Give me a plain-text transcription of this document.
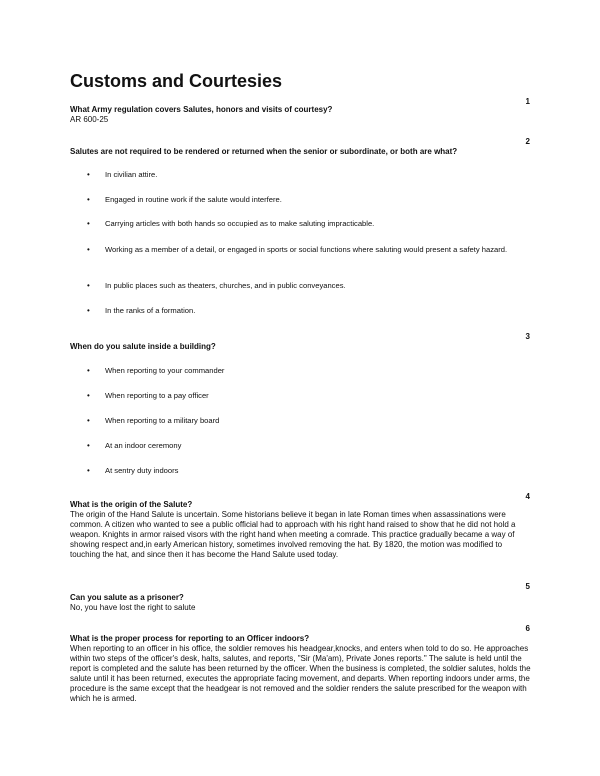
Customs and Courtesies
1
What Army regulation covers Salutes, honors and visits of courtesy?
AR 600-25
2
Salutes are not required to be rendered or returned when the senior or subordinate, or both are what?
• In civilian attire.
• Engaged in routine work if the salute would interfere.
• Carrying articles with both hands so occupied as to make saluting impracticable.
• Working as a member of a detail, or engaged in sports or social functions where saluting would present a safety hazard.
• In public places such as theaters, churches, and in public conveyances.
• In the ranks of a formation.
3
When do you salute inside a building?
• When reporting to your commander
• When reporting to a pay officer
• When reporting to a military board
• At an indoor ceremony
• At sentry duty indoors
4
What is the origin of the Salute?
The origin of the Hand Salute is uncertain. Some historians believe it began in late Roman times when assassinations were common. A citizen who wanted to see a public official had to approach with his right hand raised to show that he did not hold a weapon. Knights in armor raised visors with the right hand when meeting a comrade. This practice gradually became a way of showing respect and,in early American history, sometimes involved removing the hat. By 1820, the motion was modified to touching the hat, and since then it has become the Hand Salute used today.
5
Can you salute as a prisoner?
No, you have lost the right to salute
6
What is the proper process for reporting to an Officer indoors?
When reporting to an officer in his office, the soldier removes his headgear,knocks, and enters when told to do so. He approaches within two steps of the officer's desk, halts, salutes, and reports, "Sir (Ma'am), Private Jones reports." The salute is held until the report is completed and the salute has been returned by the officer. When the business is completed, the soldier salutes, holds the salute until it has been returned, executes the appropriate facing movement, and departs. When reporting indoors under arms, the procedure is the same except that the headgear is not removed and the soldier renders the salute prescribed for the weapon with which he is armed.
